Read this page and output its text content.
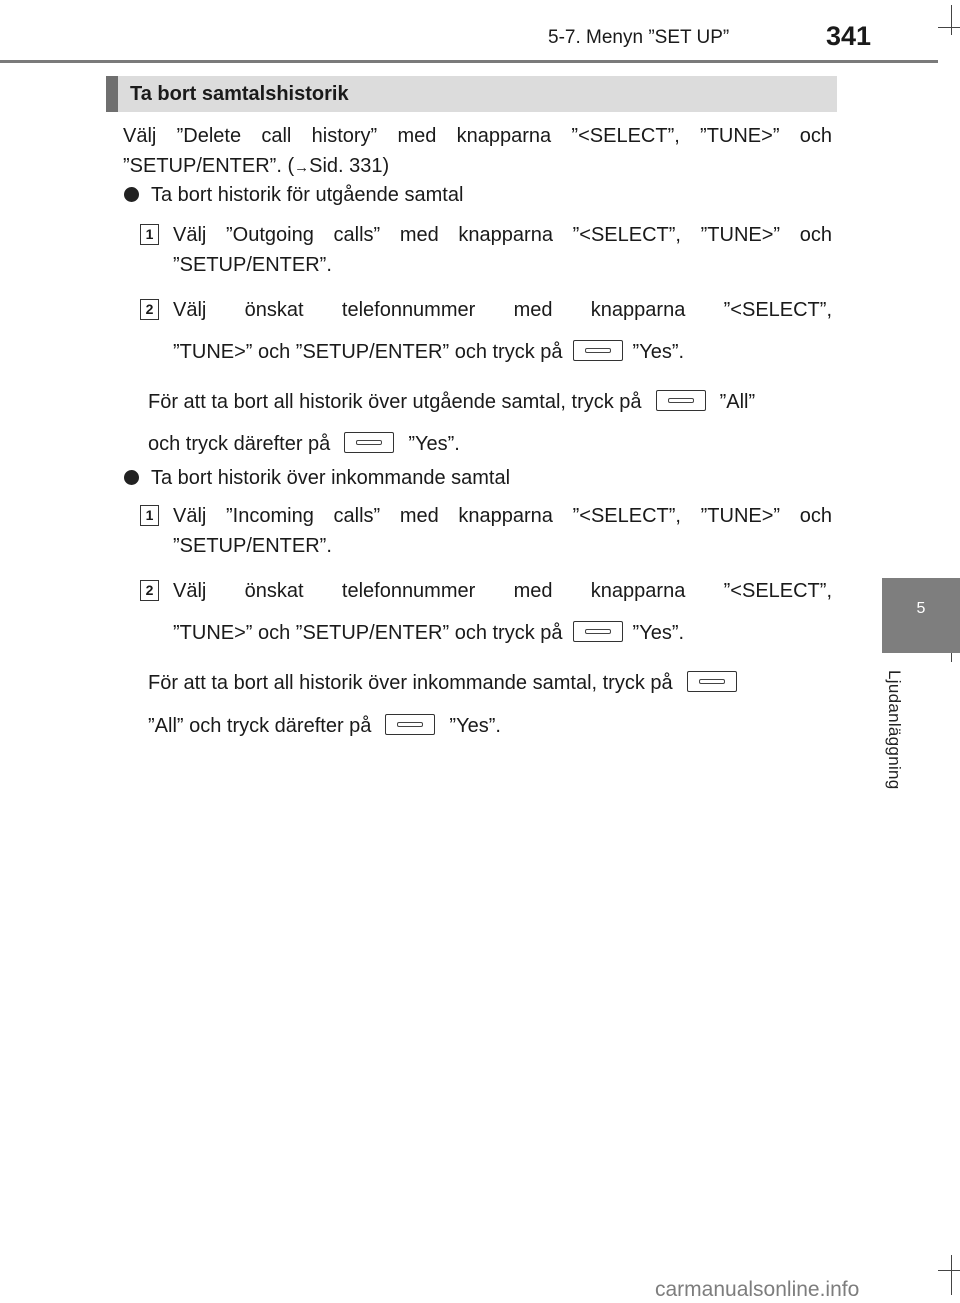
5-7. Menyn ”SET UP”	341
5
Ljudanläggning
Ta bort samtalshistorik
Välj ”Delete call history” med knapparna ”<SELECT”, ”TUNE>” och
”SETUP/ENTER”. (→Sid. 331)
Ta bort historik för utgående samtal
1 Välj ”Outgoing calls” med knapparna ”<SELECT”, ”TUNE>” och
”SETUP/ENTER”.
2 Välj önskat telefonnummer med knapparna ”<SELECT”,
”TUNE>” och ”SETUP/ENTER” och tryck på	”Yes”.
För att ta bort all historik över utgående samtal, tryck på	”All”
och tryck därefter på	”Yes”.
Ta bort historik över inkommande samtal
1 Välj ”Incoming calls” med knapparna ”<SELECT”, ”TUNE>” och
”SETUP/ENTER”.
2 Välj önskat telefonnummer med knapparna ”<SELECT”,
”TUNE>” och ”SETUP/ENTER” och tryck på	”Yes”.
För att ta bort all historik över inkommande samtal, tryck på
”All” och tryck därefter på	”Yes”.
carmanualsonline.info
